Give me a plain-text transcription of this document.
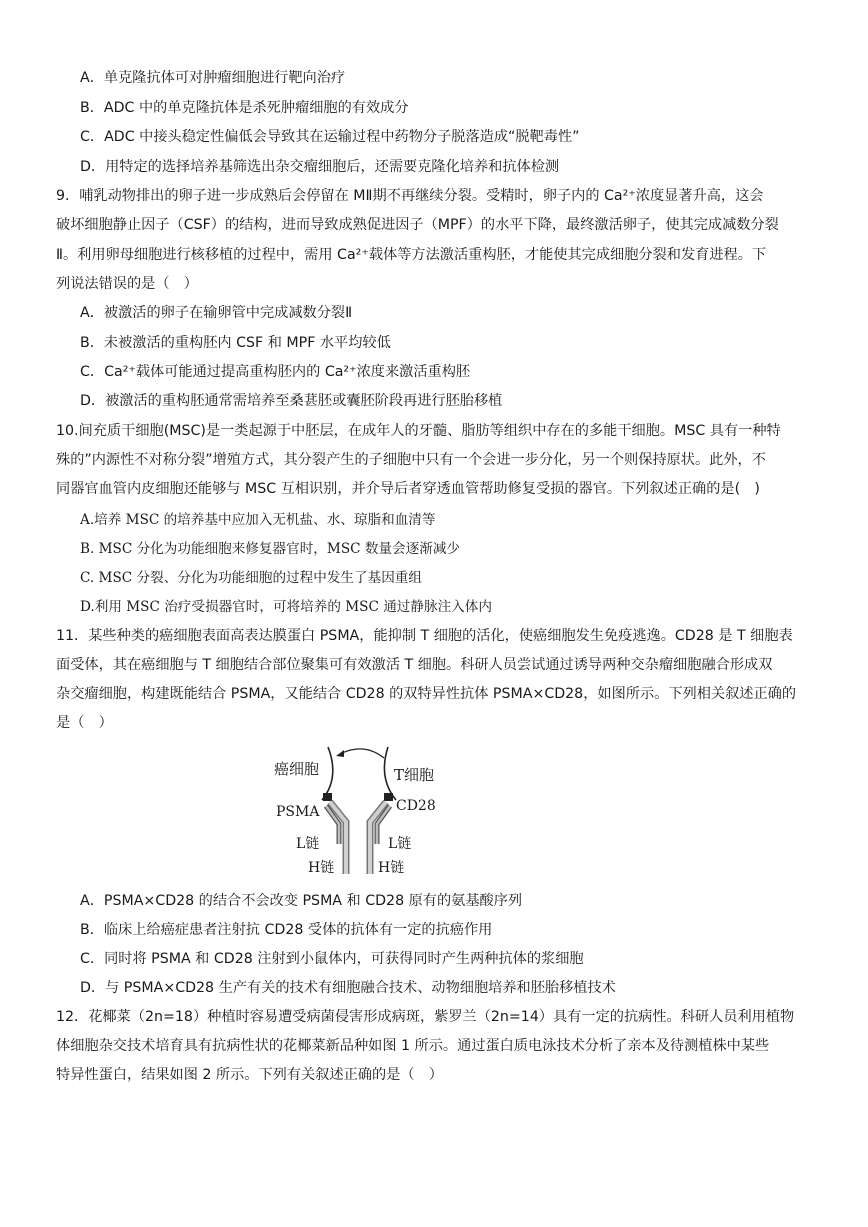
A．单克隆抗体可对肿瘤细胞进行靶向治疗
B．ADC 中的单克隆抗体是杀死肿瘤细胞的有效成分
C．ADC 中接头稳定性偏低会导致其在运输过程中药物分子脱落造成“脱靶毒性”
D．用特定的选择培养基筛选出杂交瘤细胞后，还需要克隆化培养和抗体检测
9．哺乳动物排出的卵子进一步成熟后会停留在 MⅡ期不再继续分裂。受精时，卵子内的 Ca²⁺浓度显著升高，这会
破坏细胞静止因子（CSF）的结构，进而导致成熟促进因子（MPF）的水平下降，最终激活卵子，使其完成减数分裂
Ⅱ。利用卵母细胞进行核移植的过程中，需用 Ca²⁺载体等方法激活重构胚，才能使其完成细胞分裂和发育进程。下
列说法错误的是（　）
A．被激活的卵子在输卵管中完成减数分裂Ⅱ
B．未被激活的重构胚内 CSF 和 MPF 水平均较低
C．Ca²⁺载体可能通过提高重构胚内的 Ca²⁺浓度来激活重构胚
D．被激活的重构胚通常需培养至桑葚胚或囊胚阶段再进行胚胎移植
10.间充质干细胞(MSC)是一类起源于中胚层，在成年人的牙髓、脂肪等组织中存在的多能干细胞。MSC 具有一种特
殊的”内源性不对称分裂”增殖方式，其分裂产生的子细胞中只有一个会进一步分化，另一个则保持原状。此外，不
同器官血管内皮细胞还能够与 MSC 互相识别，并介导后者穿透血管帮助修复受损的器官。下列叙述正确的是(　)
A.培养 MSC 的培养基中应加入无机盐、水、琼脂和血清等
B. MSC 分化为功能细胞来修复器官时，MSC 数量会逐渐减少
C. MSC 分裂、分化为功能细胞的过程中发生了基因重组
D.利用 MSC 治疗受损器官时，可将培养的 MSC 通过静脉注入体内
11．某些种类的癌细胞表面高表达膜蛋白 PSMA，能抑制 T 细胞的活化，使癌细胞发生免疫逃逸。CD28 是 T 细胞表
面受体，其在癌细胞与 T 细胞结合部位聚集可有效激活 T 细胞。科研人员尝试通过诱导两种交杂瘤细胞融合形成双
杂交瘤细胞，构建既能结合 PSMA，又能结合 CD28 的双特异性抗体 PSMA×CD28，如图所示。下列相关叙述正确的
是（　）
癌细胞	T细胞
PSMA	CD28
L链
H链
L链
H链
A．PSMA×CD28 的结合不会改变 PSMA 和 CD28 原有的氨基酸序列
B．临床上给癌症患者注射抗 CD28 受体的抗体有一定的抗癌作用
C．同时将 PSMA 和 CD28 注射到小鼠体内，可获得同时产生两种抗体的浆细胞
D．与 PSMA×CD28 生产有关的技术有细胞融合技术、动物细胞培养和胚胎移植技术
12．花椰菜（2n=18）种植时容易遭受病菌侵害形成病斑，紫罗兰（2n=14）具有一定的抗病性。科研人员利用植物
体细胞杂交技术培育具有抗病性状的花椰菜新品种如图 1 所示。通过蛋白质电泳技术分析了亲本及待测植株中某些
特异性蛋白，结果如图 2 所示。下列有关叙述正确的是（　）
